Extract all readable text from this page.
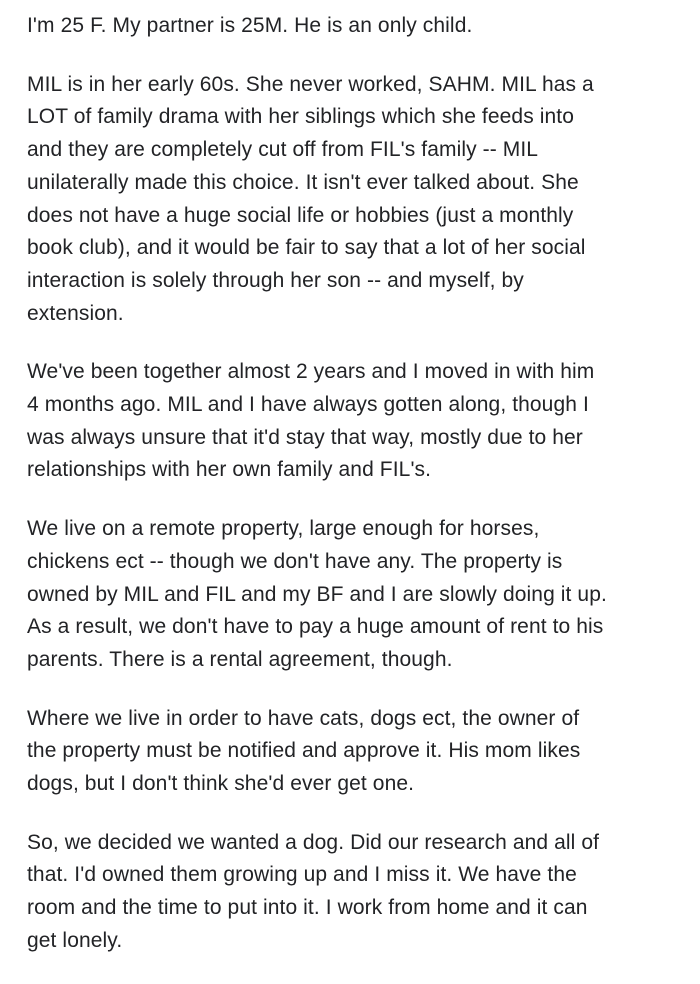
I'm 25 F. My partner is 25M. He is an only child.

MIL is in her early 60s. She never worked, SAHM. MIL has a
LOT of family drama with her siblings which she feeds into
and they are completely cut off from FIL's family -- MIL
unilaterally made this choice. It isn't ever talked about. She
does not have a huge social life or hobbies (just a monthly
book club), and it would be fair to say that a lot of her social
interaction is solely through her son -- and myself, by
extension.

We've been together almost 2 years and I moved in with him
4 months ago. MIL and I have always gotten along, though I
was always unsure that it'd stay that way, mostly due to her
relationships with her own family and FIL's.

We live on a remote property, large enough for horses,
chickens ect -- though we don't have any. The property is
owned by MIL and FIL and my BF and I are slowly doing it up.
As a result, we don't have to pay a huge amount of rent to his
parents. There is a rental agreement, though.

Where we live in order to have cats, dogs ect, the owner of
the property must be notified and approve it. His mom likes
dogs, but I don't think she'd ever get one.

So, we decided we wanted a dog. Did our research and all of
that. I'd owned them growing up and I miss it. We have the
room and the time to put into it. I work from home and it can
get lonely.
